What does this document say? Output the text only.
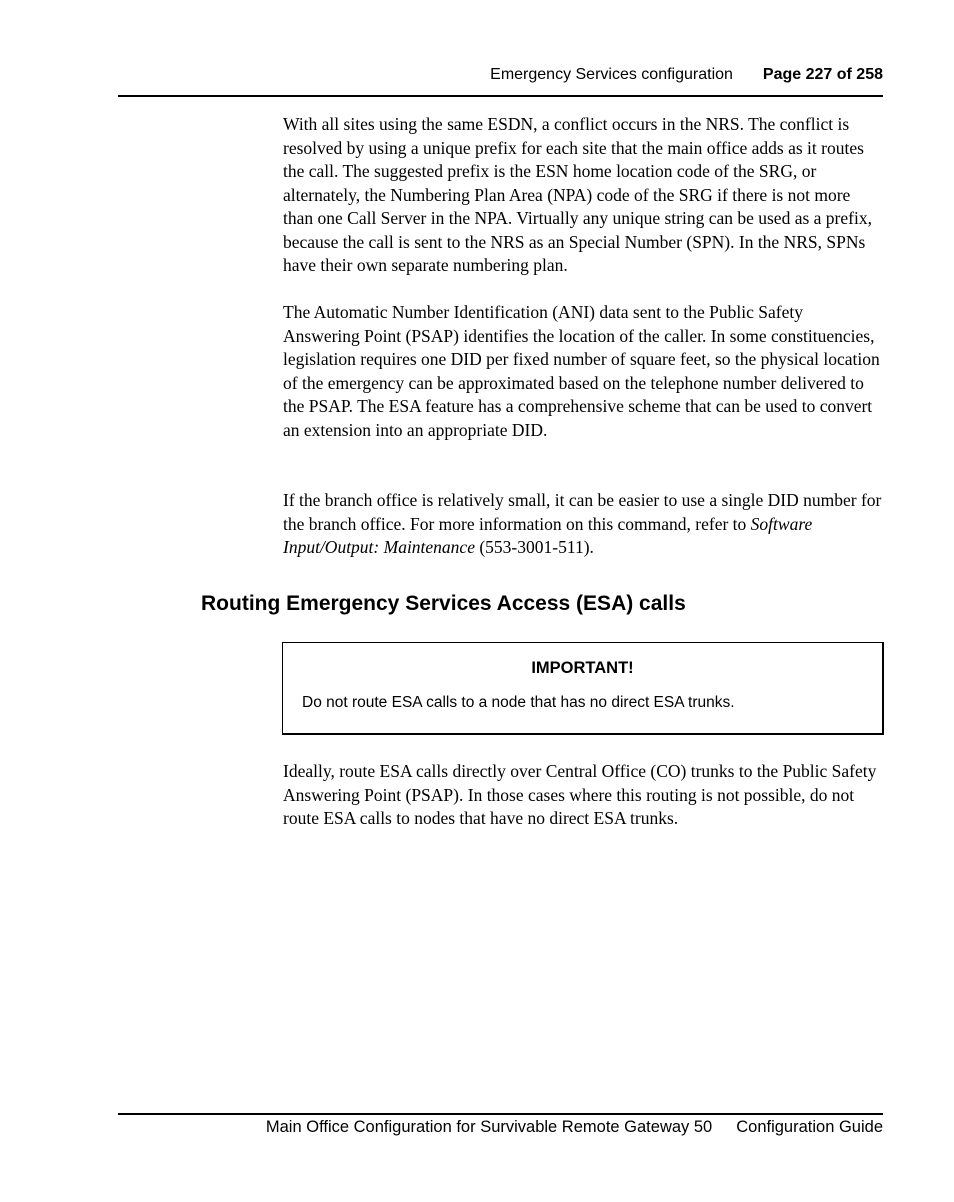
Emergency Services configuration Page 227 of 258

With all sites using the same ESDN, a conflict occurs in the NRS. The conflict is resolved by using a unique prefix for each site that the main office adds as it routes the call. The suggested prefix is the ESN home location code of the SRG, or alternately, the Numbering Plan Area (NPA) code of the SRG if there is not more than one Call Server in the NPA. Virtually any unique string can be used as a prefix, because the call is sent to the NRS as an Special Number (SPN). In the NRS, SPNs have their own separate numbering plan.

The Automatic Number Identification (ANI) data sent to the Public Safety Answering Point (PSAP) identifies the location of the caller. In some constituencies, legislation requires one DID per fixed number of square feet, so the physical location of the emergency can be approximated based on the telephone number delivered to the PSAP. The ESA feature has a comprehensive scheme that can be used to convert an extension into an appropriate DID.

If the branch office is relatively small, it can be easier to use a single DID number for the branch office. For more information on this command, refer to Software Input/Output: Maintenance (553-3001-511).

Routing Emergency Services Access (ESA) calls
IMPORTANT!
Do not route ESA calls to a node that has no direct ESA trunks.

Ideally, route ESA calls directly over Central Office (CO) trunks to the Public Safety Answering Point (PSAP). In those cases where this routing is not possible, do not route ESA calls to nodes that have no direct ESA trunks.

Main Office Configuration for Survivable Remote Gateway 50 Configuration Guide
